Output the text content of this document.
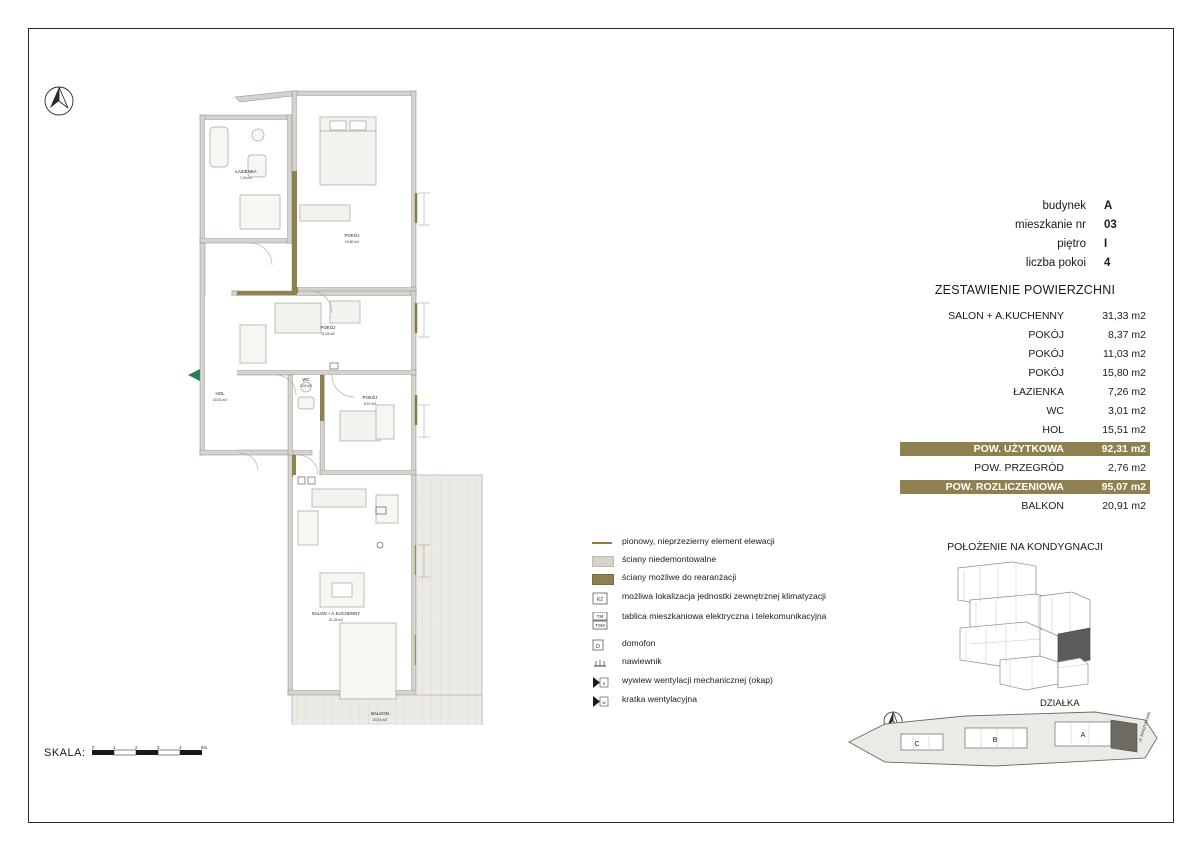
ŁAZIENKA
7,26 m2
POKÓJ
15,80 m2
POKÓJ
11,03 m2
HOL
15,51 m2
WC
3,01 m2
POKÓJ
8,37 m2
SALON + A.KUCHENNY
31,33 m2
BALKON
20,91 m2
SKALA: 0	1	2	3	4	5m
pionowy, nieprzezierny element elewacji
ściany niedemontowalne
ściany możliwe do rearanżacji
K2 możliwa lokalizacja jednostki zewnętrznej klimatyzacji
TM
TSM
tablica mieszkaniowa elektryczna i telekomunikacyjna
D	domofon
nawiewnik
o wywiew wentylacji mechanicznej (okap)
w kratka wentylacyjna
budynek	A
mieszkanie nr	03
piętro	I
liczba pokoi	4
ZESTAWIENIE POWIERZCHNI
SALON + A.KUCHENNY	31,33 m2
POKÓJ	8,37 m2
POKÓJ	11,03 m2
POKÓJ	15,80 m2
ŁAZIENKA	7,26 m2
WC	3,01 m2
HOL	15,51 m2
POW. UŻYTKOWA	92,31 m2
POW. PRZEGRÓD	2,76 m2
POW. ROZLICZENIOWA	95,07 m2
BALKON	20,91 m2
POŁOŻENIE NA KONDYGNACJI
DZIAŁKA
C
B
A	ul. KOSZYKOWA
